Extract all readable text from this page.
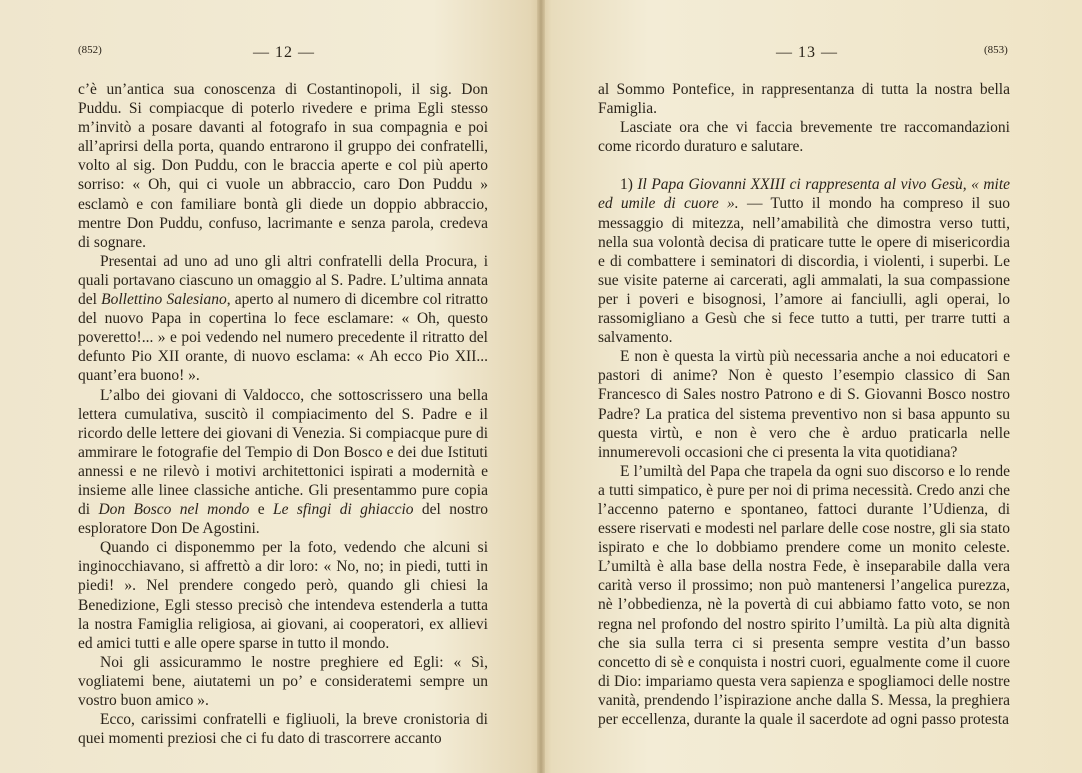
(852)	— 12 —

c’è un’antica sua conoscenza di Costantinopoli, il sig. Don Puddu. Si compiacque di poterlo rivedere e prima Egli stesso m’invitò a posare davanti al fotografo in sua compagnia e poi all’aprirsi della porta, quando entrarono il gruppo dei confratelli, volto al sig. Don Puddu, con le braccia aperte e col più aperto sorriso: « Oh, qui ci vuole un abbraccio, caro Don Puddu » esclamò e con familiare bontà gli diede un doppio abbraccio, mentre Don Puddu, confuso, lacrimante e senza parola, credeva di sognare.

Presentai ad uno ad uno gli altri confratelli della Procura, i quali portavano ciascuno un omaggio al S. Padre. L’ultima annata del Bollettino Salesiano, aperto al numero di dicembre col ritratto del nuovo Papa in copertina lo fece esclamare: « Oh, questo poveretto!... » e poi vedendo nel numero precedente il ritratto del defunto Pio XII orante, di nuovo esclama: « Ah ecco Pio XII... quant’era buono! ».

L’albo dei giovani di Valdocco, che sottoscrissero una bella lettera cumulativa, suscitò il compiacimento del S. Padre e il ricordo delle lettere dei giovani di Venezia. Si compiacque pure di ammirare le fotografie del Tempio di Don Bosco e dei due Istituti annessi e ne rilevò i motivi architettonici ispirati a modernità e insieme alle linee classiche antiche. Gli presentammo pure copia di Don Bosco nel mondo e Le sfingi di ghiaccio del nostro esploratore Don De Agostini.

Quando ci disponemmo per la foto, vedendo che alcuni si inginocchiavano, si affrettò a dir loro: « No, no; in piedi, tutti in piedi! ». Nel prendere congedo però, quando gli chiesi la Benedizione, Egli stesso precisò che intendeva estenderla a tutta la nostra Famiglia religiosa, ai giovani, ai cooperatori, ex allievi ed amici tutti e alle opere sparse in tutto il mondo.

Noi gli assicurammo le nostre preghiere ed Egli: « Sì, vogliatemi bene, aiutatemi un po’ e consideratemi sempre un vostro buon amico ».

Ecco, carissimi confratelli e figliuoli, la breve cronistoria di quei momenti preziosi che ci fu dato di trascorrere accanto

— 13 —	(853)

al Sommo Pontefice, in rappresentanza di tutta la nostra bella Famiglia.

Lasciate ora che vi faccia brevemente tre raccomandazioni come ricordo duraturo e salutare.

1) Il Papa Giovanni XXIII ci rappresenta al vivo Gesù, « mite ed umile di cuore ». — Tutto il mondo ha compreso il suo messaggio di mitezza, nell’amabilità che dimostra verso tutti, nella sua volontà decisa di praticare tutte le opere di misericordia e di combattere i seminatori di discordia, i violenti, i superbi. Le sue visite paterne ai carcerati, agli ammalati, la sua compassione per i poveri e bisognosi, l’amore ai fanciulli, agli operai, lo rassomigliano a Gesù che si fece tutto a tutti, per trarre tutti a salvamento.

E non è questa la virtù più necessaria anche a noi educatori e pastori di anime? Non è questo l’esempio classico di San Francesco di Sales nostro Patrono e di S. Giovanni Bosco nostro Padre? La pratica del sistema preventivo non si basa appunto su questa virtù, e non è vero che è arduo praticarla nelle innumerevoli occasioni che ci presenta la vita quotidiana?

E l’umiltà del Papa che trapela da ogni suo discorso e lo rende a tutti simpatico, è pure per noi di prima necessità. Credo anzi che l’accenno paterno e spontaneo, fattoci durante l’Udienza, di essere riservati e modesti nel parlare delle cose nostre, gli sia stato ispirato e che lo dobbiamo prendere come un monito celeste. L’umiltà è alla base della nostra Fede, è inseparabile dalla vera carità verso il prossimo; non può mantenersi l’angelica purezza, nè l’obbedienza, nè la povertà di cui abbiamo fatto voto, se non regna nel profondo del nostro spirito l’umiltà. La più alta dignità che sia sulla terra ci si presenta sempre vestita d’un basso concetto di sè e conquista i nostri cuori, egualmente come il cuore di Dio: impariamo questa vera sapienza e spogliamoci delle nostre vanità, prendendo l’ispirazione anche dalla S. Messa, la preghiera per eccellenza, durante la quale il sacerdote ad ogni passo protesta
